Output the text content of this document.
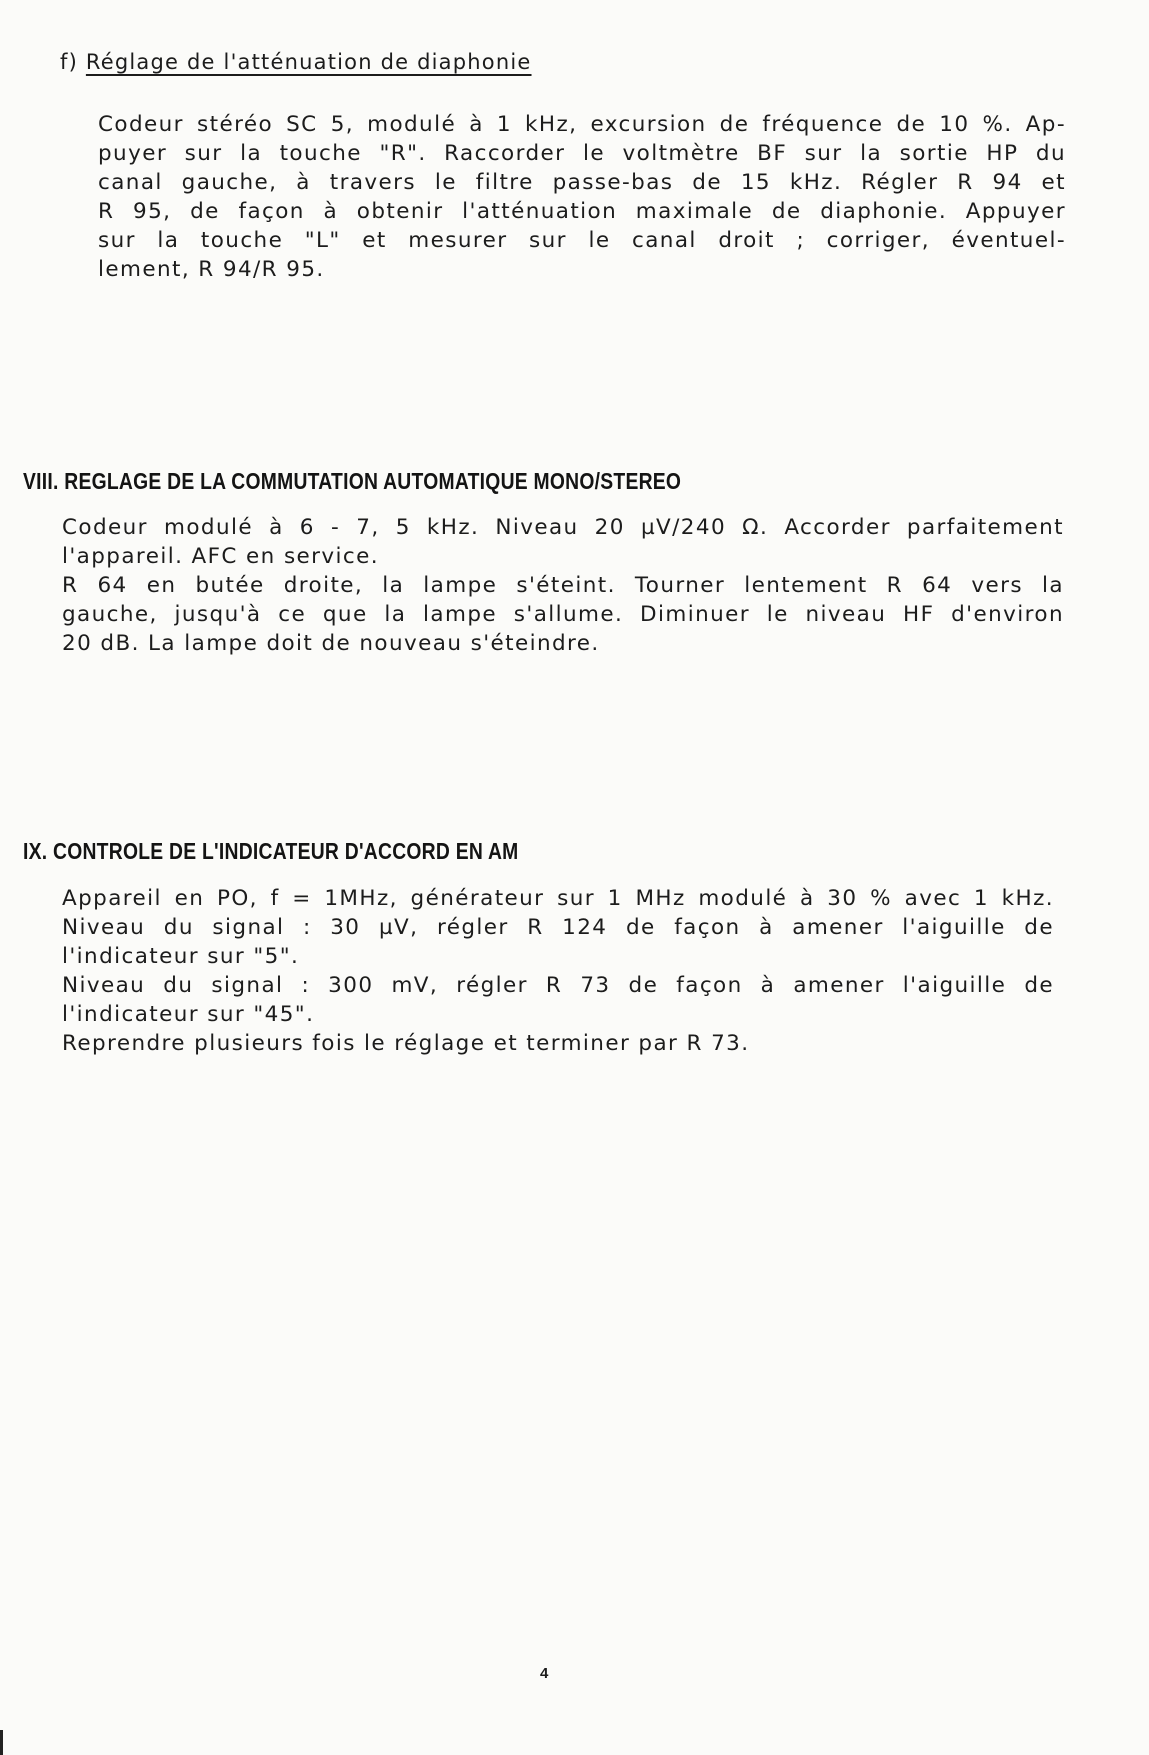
f) Réglage de l'atténuation de diaphonie
Codeur stéréo SC 5, modulé à 1 kHz, excursion de fréquence de 10 %. Ap-
puyer sur la touche "R". Raccorder le voltmètre BF sur la sortie HP du
canal gauche, à travers le filtre passe-bas de 15 kHz. Régler R 94 et
R 95, de façon à obtenir l'atténuation maximale de diaphonie. Appuyer
sur la touche "L" et mesurer sur le canal droit ; corriger, éventuel-
lement, R 94/R 95.
VIII. REGLAGE DE LA COMMUTATION AUTOMATIQUE MONO/STEREO
Codeur modulé à 6 - 7, 5 kHz. Niveau 20 µV/240 Ω. Accorder parfaitement
l'appareil. AFC en service.
R 64 en butée droite, la lampe s'éteint. Tourner lentement R 64 vers la
gauche, jusqu'à ce que la lampe s'allume. Diminuer le niveau HF d'environ
20 dB. La lampe doit de nouveau s'éteindre.
IX. CONTROLE DE L'INDICATEUR D'ACCORD EN AM
Appareil en PO, f = 1MHz, générateur sur 1 MHz modulé à 30 % avec 1 kHz.
Niveau du signal : 30 µV, régler R 124 de façon à amener l'aiguille de
l'indicateur sur "5".
Niveau du signal : 300 mV, régler R 73 de façon à amener l'aiguille de
l'indicateur sur "45".
Reprendre plusieurs fois le réglage et terminer par R 73.
4
